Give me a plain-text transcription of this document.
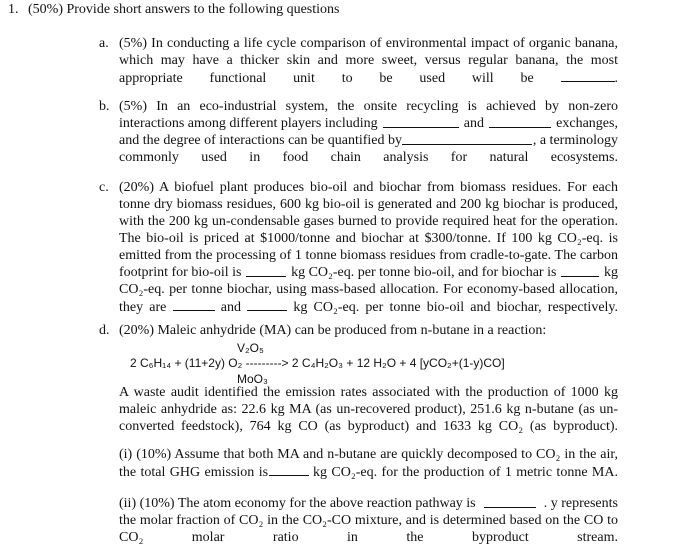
1. (50%) Provide short answers to the following questions
a. (5%) In conducting a life cycle comparison of environmental impact of organic banana,
which may have a thicker skin and more sweet, versus regular banana, the most
appropriate functional unit to be used will be	.
b. (5%) In an eco-industrial system, the onsite recycling is achieved by non-zero
interactions among different players including	and	exchanges,
and the degree of interactions can be quantified by	, a terminology
commonly used in food chain analysis for natural ecosystems.
c. (20%) A biofuel plant produces bio-oil and biochar from biomass residues. For each
tonne dry biomass residues, 600 kg bio-oil is generated and 200 kg biochar is produced,
with the 200 kg un-condensable gases burned to provide required heat for the operation.
The bio-oil is priced at $1000/tonne and biochar at $300/tonne. If 100 kg CO₂-eq. is
emitted from the processing of 1 tonne biomass residues from cradle-to-gate. The carbon
footprint for bio-oil is	kg CO₂-eq. per tonne bio-oil, and for biochar is	kg
CO₂-eq. per tonne biochar, using mass-based allocation. For economy-based allocation,
they are	and	kg CO₂-eq. per tonne bio-oil and biochar, respectively.
d. (20%) Maleic anhydride (MA) can be produced from n-butane in a reaction:
V₂O₅
2 C₆H₁₄ + (11+2y) O₂ ---------> 2 C₄H₂O₃ + 12 H₂O + 4 [yCO₂+(1-y)CO]
MoO₃
A waste audit identified the emission rates associated with the production of 1000 kg
maleic anhydride as: 22.6 kg MA (as un-recovered product), 251.6 kg n-butane (as un-
converted feedstock), 764 kg CO (as byproduct) and 1633 kg CO₂ (as byproduct).
(i) (10%) Assume that both MA and n-butane are quickly decomposed to CO₂ in the air,
the total GHG emission is	kg CO₂-eq. for the production of 1 metric tonne MA.
(ii) (10%) The atom economy for the above reaction pathway is	. y represents
the molar fraction of CO₂ in the CO₂-CO mixture, and is determined based on the CO to
CO₂ molar ratio in the byproduct stream.
